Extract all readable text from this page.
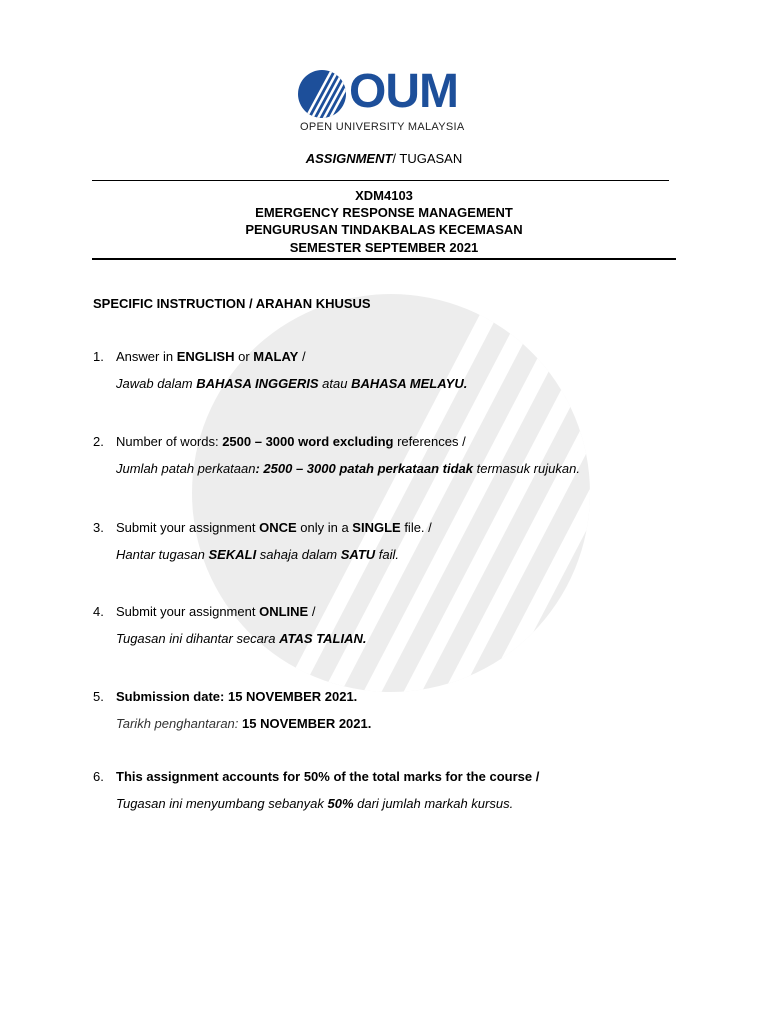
OUM
OPEN UNIVERSITY MALAYSIA
ASSIGNMENT/ TUGASAN
XDM4103
EMERGENCY RESPONSE MANAGEMENT
PENGURUSAN TINDAKBALAS KECEMASAN
SEMESTER SEPTEMBER 2021
SPECIFIC INSTRUCTION / ARAHAN KHUSUS
1. Answer in ENGLISH or MALAY /
Jawab dalam BAHASA INGGERIS atau BAHASA MELAYU.
2. Number of words: 2500 – 3000 word excluding references /
Jumlah patah perkataan: 2500 – 3000 patah perkataan tidak termasuk rujukan.
3. Submit your assignment ONCE only in a SINGLE file. /
Hantar tugasan SEKALI sahaja dalam SATU fail.
4. Submit your assignment ONLINE /
Tugasan ini dihantar secara ATAS TALIAN.
5. Submission date: 15 NOVEMBER 2021.
Tarikh penghantaran: 15 NOVEMBER 2021.
6. This assignment accounts for 50% of the total marks for the course /
Tugasan ini menyumbang sebanyak 50% dari jumlah markah kursus.
